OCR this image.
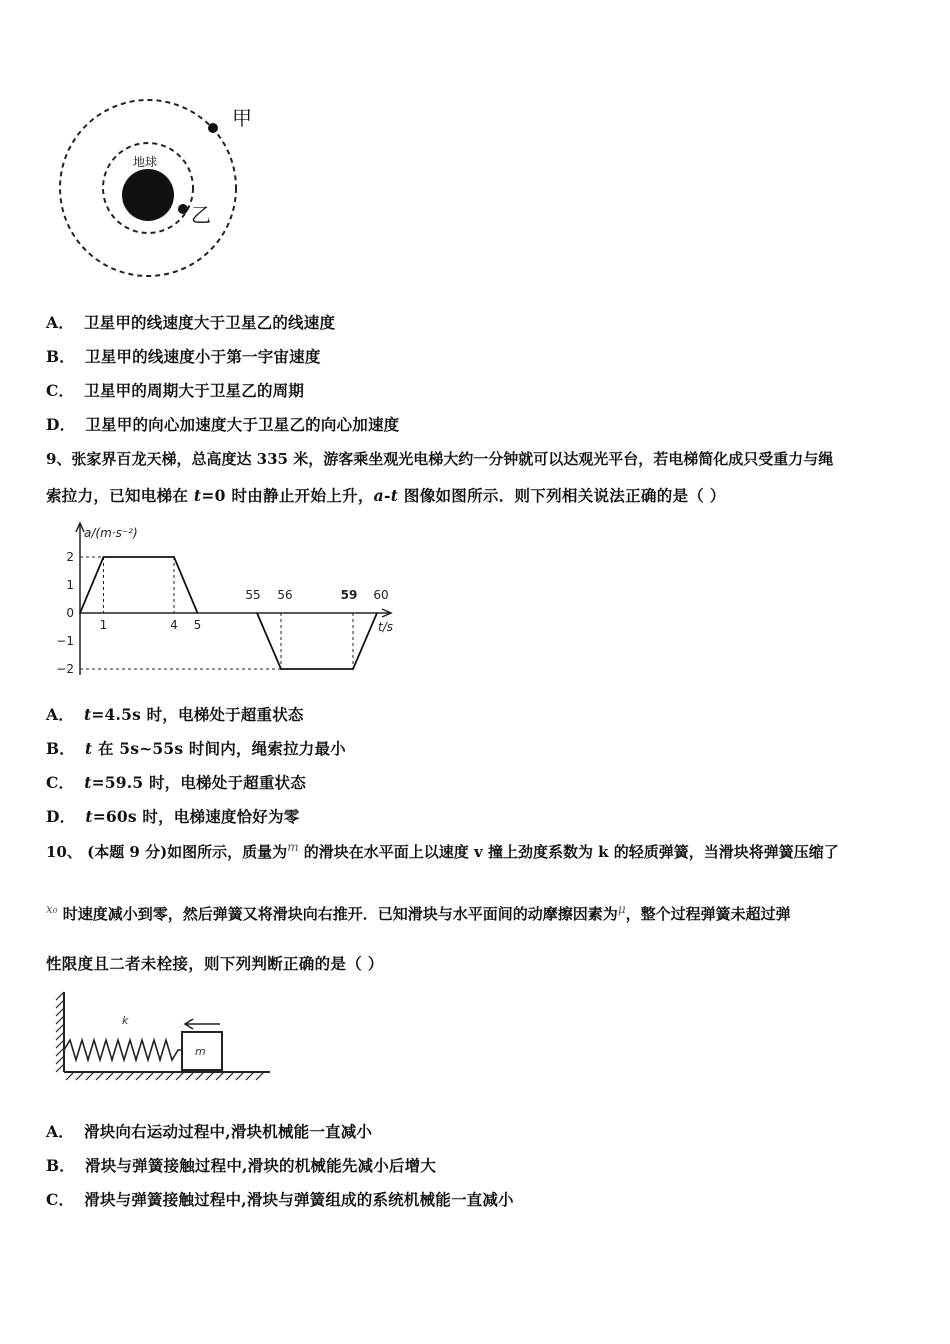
地球
甲
乙
A． 卫星甲的线速度大于卫星乙的线速度
B． 卫星甲的线速度小于第一宇宙速度
C． 卫星甲的周期大于卫星乙的周期
D． 卫星甲的向心加速度大于卫星乙的向心加速度
9、张家界百龙天梯，总高度达 335 米，游客乘坐观光电梯大约一分钟就可以达观光平台，若电梯简化成只受重力与绳
索拉力，已知电梯在 t=0 时由静止开始上升，a-t 图像如图所示．则下列相关说法正确的是（ ）
a/(m·s⁻²)
t/s
2
1
0
−1
−2
1	4 5
55 56	59 60
A． t=4.5s 时，电梯处于超重状态
B． t 在 5s~55s 时间内，绳索拉力最小
C． t=59.5 时，电梯处于超重状态
D． t=60s 时，电梯速度恰好为零
10、 (本题 9 分)如图所示，质量为$^m$ 的滑块在水平面上以速度 v 撞上劲度系数为 k 的轻质弹簧，当滑块将弹簧压缩了
$^{x_0}$ 时速度减小到零，然后弹簧又将滑块向右推开．已知滑块与水平面间的动摩擦因素为$^\mu$，整个过程弹簧未超过弹
性限度且二者未栓接，则下列判断正确的是（ ）
k
m
A． 滑块向右运动过程中,滑块机械能一直减小
B． 滑块与弹簧接触过程中,滑块的机械能先减小后增大
C． 滑块与弹簧接触过程中,滑块与弹簧组成的系统机械能一直减小
